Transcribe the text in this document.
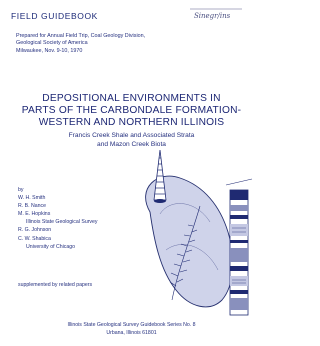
FIELD GUIDEBOOK	Sinegr/ins
Prepared for Annual Field Trip, Coal Geology Division,
Geological Society of America
Milwaukee, Nov. 9-10, 1970
DEPOSITIONAL ENVIRONMENTS IN
PARTS OF THE CARBONDALE FORMATION-
WESTERN AND NORTHERN ILLINOIS
Francis Creek Shale and Associated Strata
and Mazon Creek Biota
by
W. H. Smith
R. B. Nance
M. E. Hopkins
Illinois State Geological Survey
R. G. Johnson
C. W. Shabica
University of Chicago
supplemented by related papers
Illinois State Geological Survey Guidebook Series No. 8
Urbana, Illinois 61801
